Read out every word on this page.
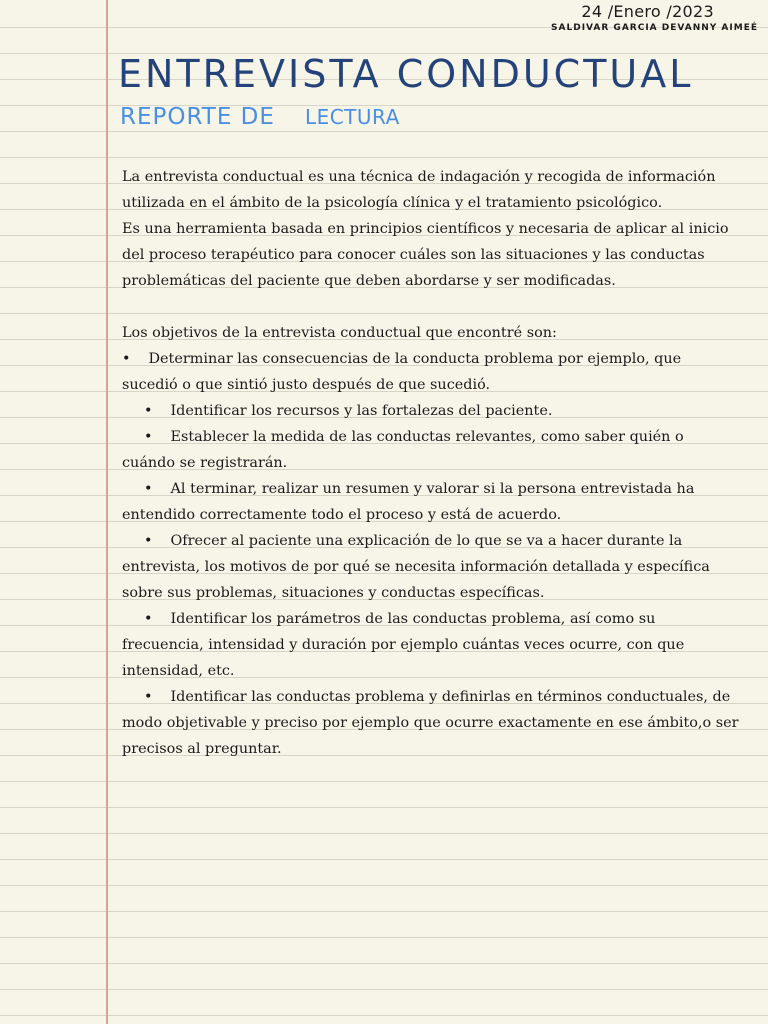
24 /Enero /2023
SALDIVAR GARCIA DEVANNY AIMEÉ
ENTREVISTA CONDUCTUAL
REPORTE DE LECTURA

La entrevista conductual es una técnica de indagación y recogida de información utilizada en el ámbito de la psicología clínica y el tratamiento psicológico.

Es una herramienta basada en principios científicos y necesaria de aplicar al inicio del proceso terapéutico para conocer cuáles son las situaciones y las conductas problemáticas del paciente que deben abordarse y ser modificadas.

Los objetivos de la entrevista conductual que encontré son:

• Determinar las consecuencias de la conducta problema por ejemplo, que sucedió o que sintió justo después de que sucedió.

• Identificar los recursos y las fortalezas del paciente.

• Establecer la medida de las conductas relevantes, como saber quién o cuándo se registrarán.

• Al terminar, realizar un resumen y valorar si la persona entrevistada ha entendido correctamente todo el proceso y está de acuerdo.

• Ofrecer al paciente una explicación de lo que se va a hacer durante la entrevista, los motivos de por qué se necesita información detallada y específica sobre sus problemas, situaciones y conductas específicas.

• Identificar los parámetros de las conductas problema, así como su frecuencia, intensidad y duración por ejemplo cuántas veces ocurre, con que intensidad, etc.

• Identificar las conductas problema y definirlas en términos conductuales, de modo objetivable y preciso por ejemplo que ocurre exactamente en ese ámbito,o ser precisos al preguntar.
